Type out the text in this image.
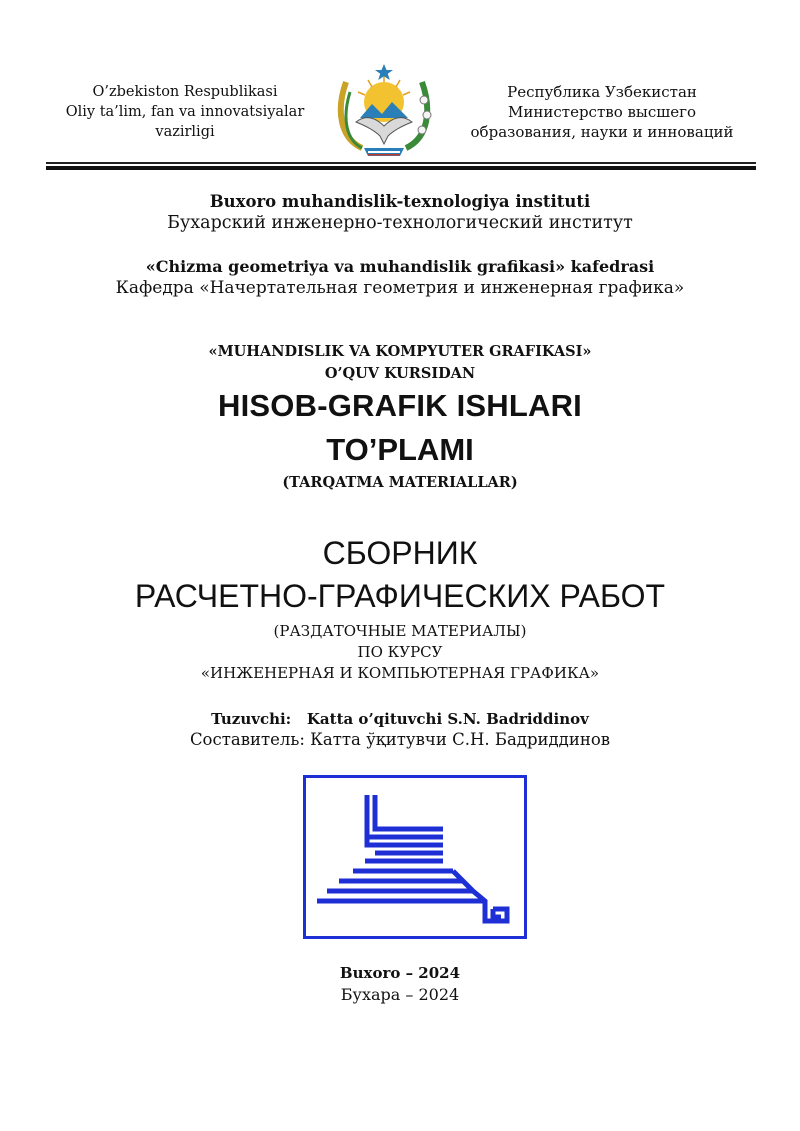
O’zbekiston Respublikasi
Oliy ta’lim, fan va innovatsiyalar
vazirligi
Республика Узбекистан
Министерство высшего
образования, науки и инноваций
Buxoro muhandislik-texnologiya instituti
Бухарский инженерно-технологический институт
«Chizma geometriya va muhandislik grafikasi» kafedrasi
Кафедра «Начертательная геометрия и инженерная графика»
«MUHANDISLIK VA KOMPYUTER GRAFIKASI»
O’QUV KURSIDAN
HISOB-GRAFIK ISHLARI
TO’PLAMI
(TARQATMA MATERIALLAR)
СБОРНИК
РАСЧЕТНО-ГРАФИЧЕСКИХ РАБОТ
(РАЗДАТОЧНЫЕ МАТЕРИАЛЫ)
ПО КУРСУ
«ИНЖЕНЕРНАЯ И КОМПЬЮТЕРНАЯ ГРАФИКА»
Tuzuvchi:   Katta o’qituvchi S.N. Badriddinov
Составитель: Катта ўқитувчи С.Н. Бадриддинов
Buxoro – 2024
Бухара – 2024
